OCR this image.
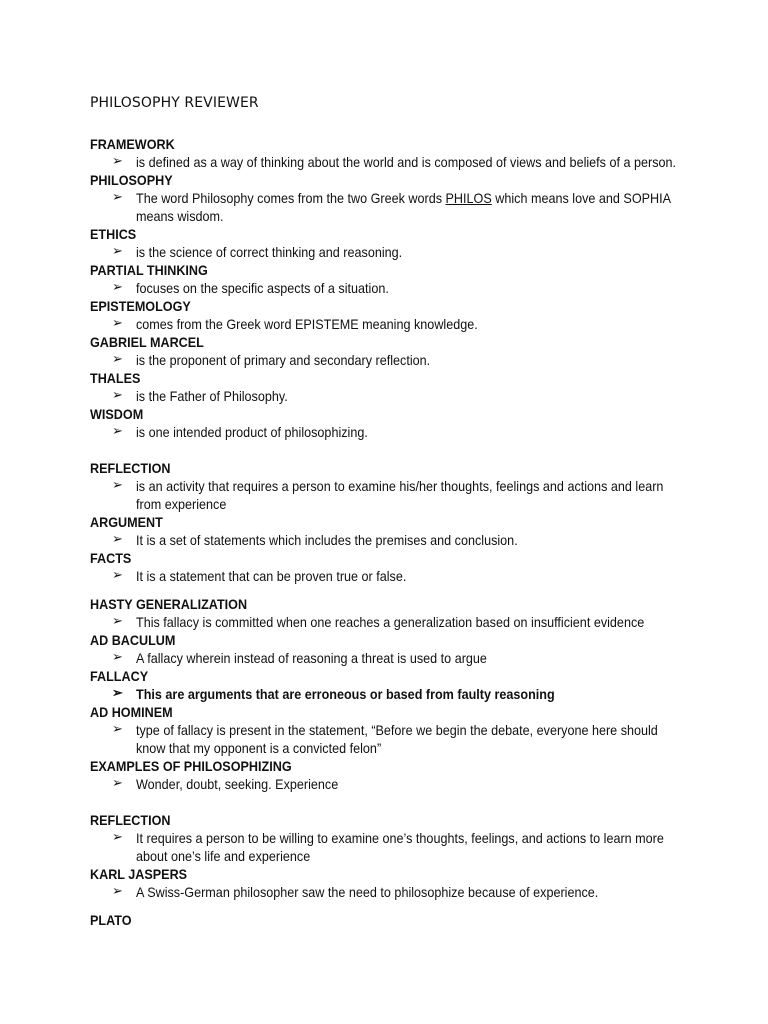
PHILOSOPHY REVIEWER
FRAMEWORK
➢ is defined as a way of thinking about the world and is composed of views and beliefs of a person.
PHILOSOPHY
➢ The word Philosophy comes from the two Greek words PHILOS which means love and SOPHIA
means wisdom.
ETHICS
➢ is the science of correct thinking and reasoning.
PARTIAL THINKING
➢ focuses on the specific aspects of a situation.
EPISTEMOLOGY
➢ comes from the Greek word EPISTEME meaning knowledge.
GABRIEL MARCEL
➢ is the proponent of primary and secondary reflection.
THALES
➢ is the Father of Philosophy.
WISDOM
➢ is one intended product of philosophizing.
REFLECTION
➢ is an activity that requires a person to examine his/her thoughts, feelings and actions and learn
from experience
ARGUMENT
➢ It is a set of statements which includes the premises and conclusion.
FACTS
➢ It is a statement that can be proven true or false.
HASTY GENERALIZATION
➢ This fallacy is committed when one reaches a generalization based on insufficient evidence
AD BACULUM
➢ A fallacy wherein instead of reasoning a threat is used to argue
FALLACY
➢ This are arguments that are erroneous or based from faulty reasoning
AD HOMINEM
➢ type of fallacy is present in the statement, “Before we begin the debate, everyone here should
know that my opponent is a convicted felon”
EXAMPLES OF PHILOSOPHIZING
➢ Wonder, doubt, seeking. Experience
REFLECTION
➢ It requires a person to be willing to examine one’s thoughts, feelings, and actions to learn more
about one’s life and experience
KARL JASPERS
➢ A Swiss-German philosopher saw the need to philosophize because of experience.
PLATO
